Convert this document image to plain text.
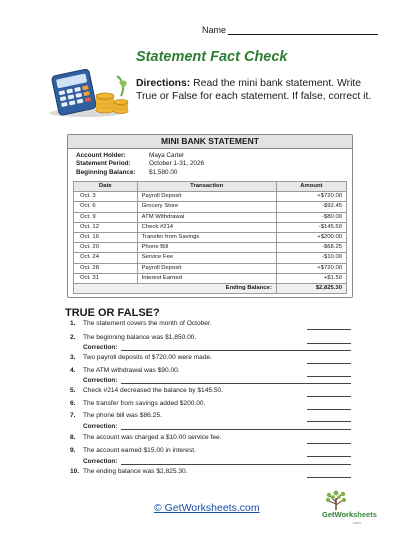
Name
Statement Fact Check
Directions: Read the mini bank statement. Write True or False for each statement. If false, correct it.
MINI BANK STATEMENT
Account Holder:	Maya Carter
Statement Period:	October 1-31, 2026
Beginning Balance:	$1,580.00
Date	Transaction	Amount
Oct. 3	Payroll Deposit	+$720.00
Oct. 6	Grocery Store	-$92.45
Oct. 9	ATM Withdrawal	-$80.00
Oct. 12	Check #214	-$145.50
Oct. 16	Transfer from Savings	+$200.00
Oct. 20	Phone Bill	-$68.25
Oct. 24	Service Fee	-$10.00
Oct. 28	Payroll Deposit	+$720.00
Oct. 31	Interest Earned	+$1.50
Ending Balance:		$2,825.30
TRUE OR FALSE?
1.	The statement covers the month of October.
2.	The beginning balance was $1,850.00.
Correction:
3.	Two payroll deposits of $720.00 were made.
4.	The ATM withdrawal was $90.00.
Correction:
5.	Check #214 decreased the balance by $145.50.
6.	The transfer from savings added $200.00.
7.	The phone bill was $86.25.
Correction:
8.	The account was charged a $10.00 service fee.
9.	The account earned $15.00 in interest.
Correction:
10. The ending balance was $2,825.30.
© GetWorksheets.com
GetWorksheets
.com
